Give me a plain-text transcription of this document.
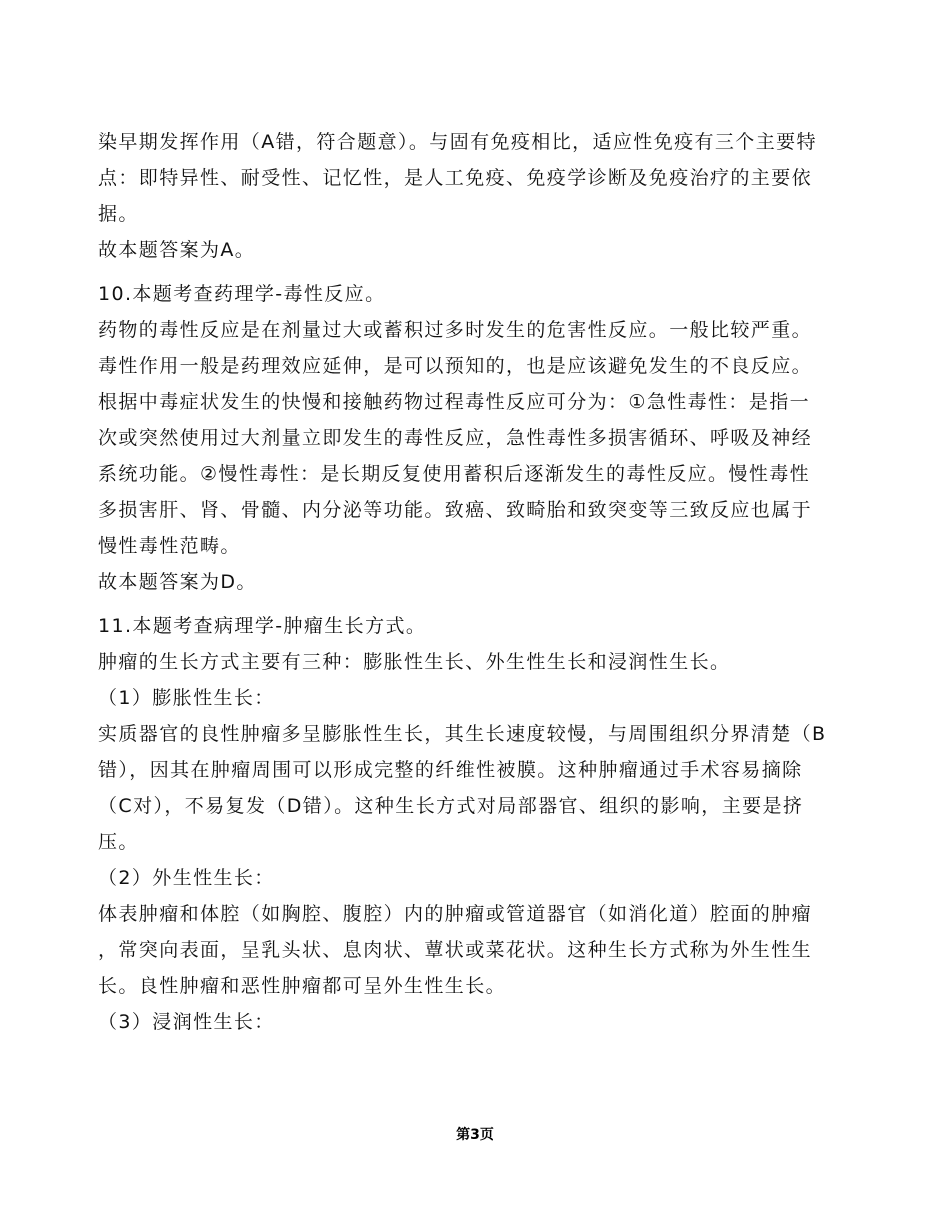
染早期发挥作用（A错，符合题意）。与固有免疫相比，适应性免疫有三个主要特
点：即特异性、耐受性、记忆性，是人工免疫、免疫学诊断及免疫治疗的主要依
据。
故本题答案为A。
10.本题考查药理学-毒性反应。
药物的毒性反应是在剂量过大或蓄积过多时发生的危害性反应。一般比较严重。
毒性作用一般是药理效应延伸，是可以预知的，也是应该避免发生的不良反应。
根据中毒症状发生的快慢和接触药物过程毒性反应可分为：①急性毒性：是指一
次或突然使用过大剂量立即发生的毒性反应，急性毒性多损害循环、呼吸及神经
系统功能。②慢性毒性：是长期反复使用蓄积后逐渐发生的毒性反应。慢性毒性
多损害肝、肾、骨髓、内分泌等功能。致癌、致畸胎和致突变等三致反应也属于
慢性毒性范畴。
故本题答案为D。
11.本题考查病理学-肿瘤生长方式。
肿瘤的生长方式主要有三种：膨胀性生长、外生性生长和浸润性生长。
（1）膨胀性生长：
实质器官的良性肿瘤多呈膨胀性生长，其生长速度较慢，与周围组织分界清楚（B
错），因其在肿瘤周围可以形成完整的纤维性被膜。这种肿瘤通过手术容易摘除
（C对），不易复发（D错）。这种生长方式对局部器官、组织的影响，主要是挤
压。
（2）外生性生长：
体表肿瘤和体腔（如胸腔、腹腔）内的肿瘤或管道器官（如消化道）腔面的肿瘤
，常突向表面，呈乳头状、息肉状、蕈状或菜花状。这种生长方式称为外生性生
长。良性肿瘤和恶性肿瘤都可呈外生性生长。
（3）浸润性生长：
第3页
